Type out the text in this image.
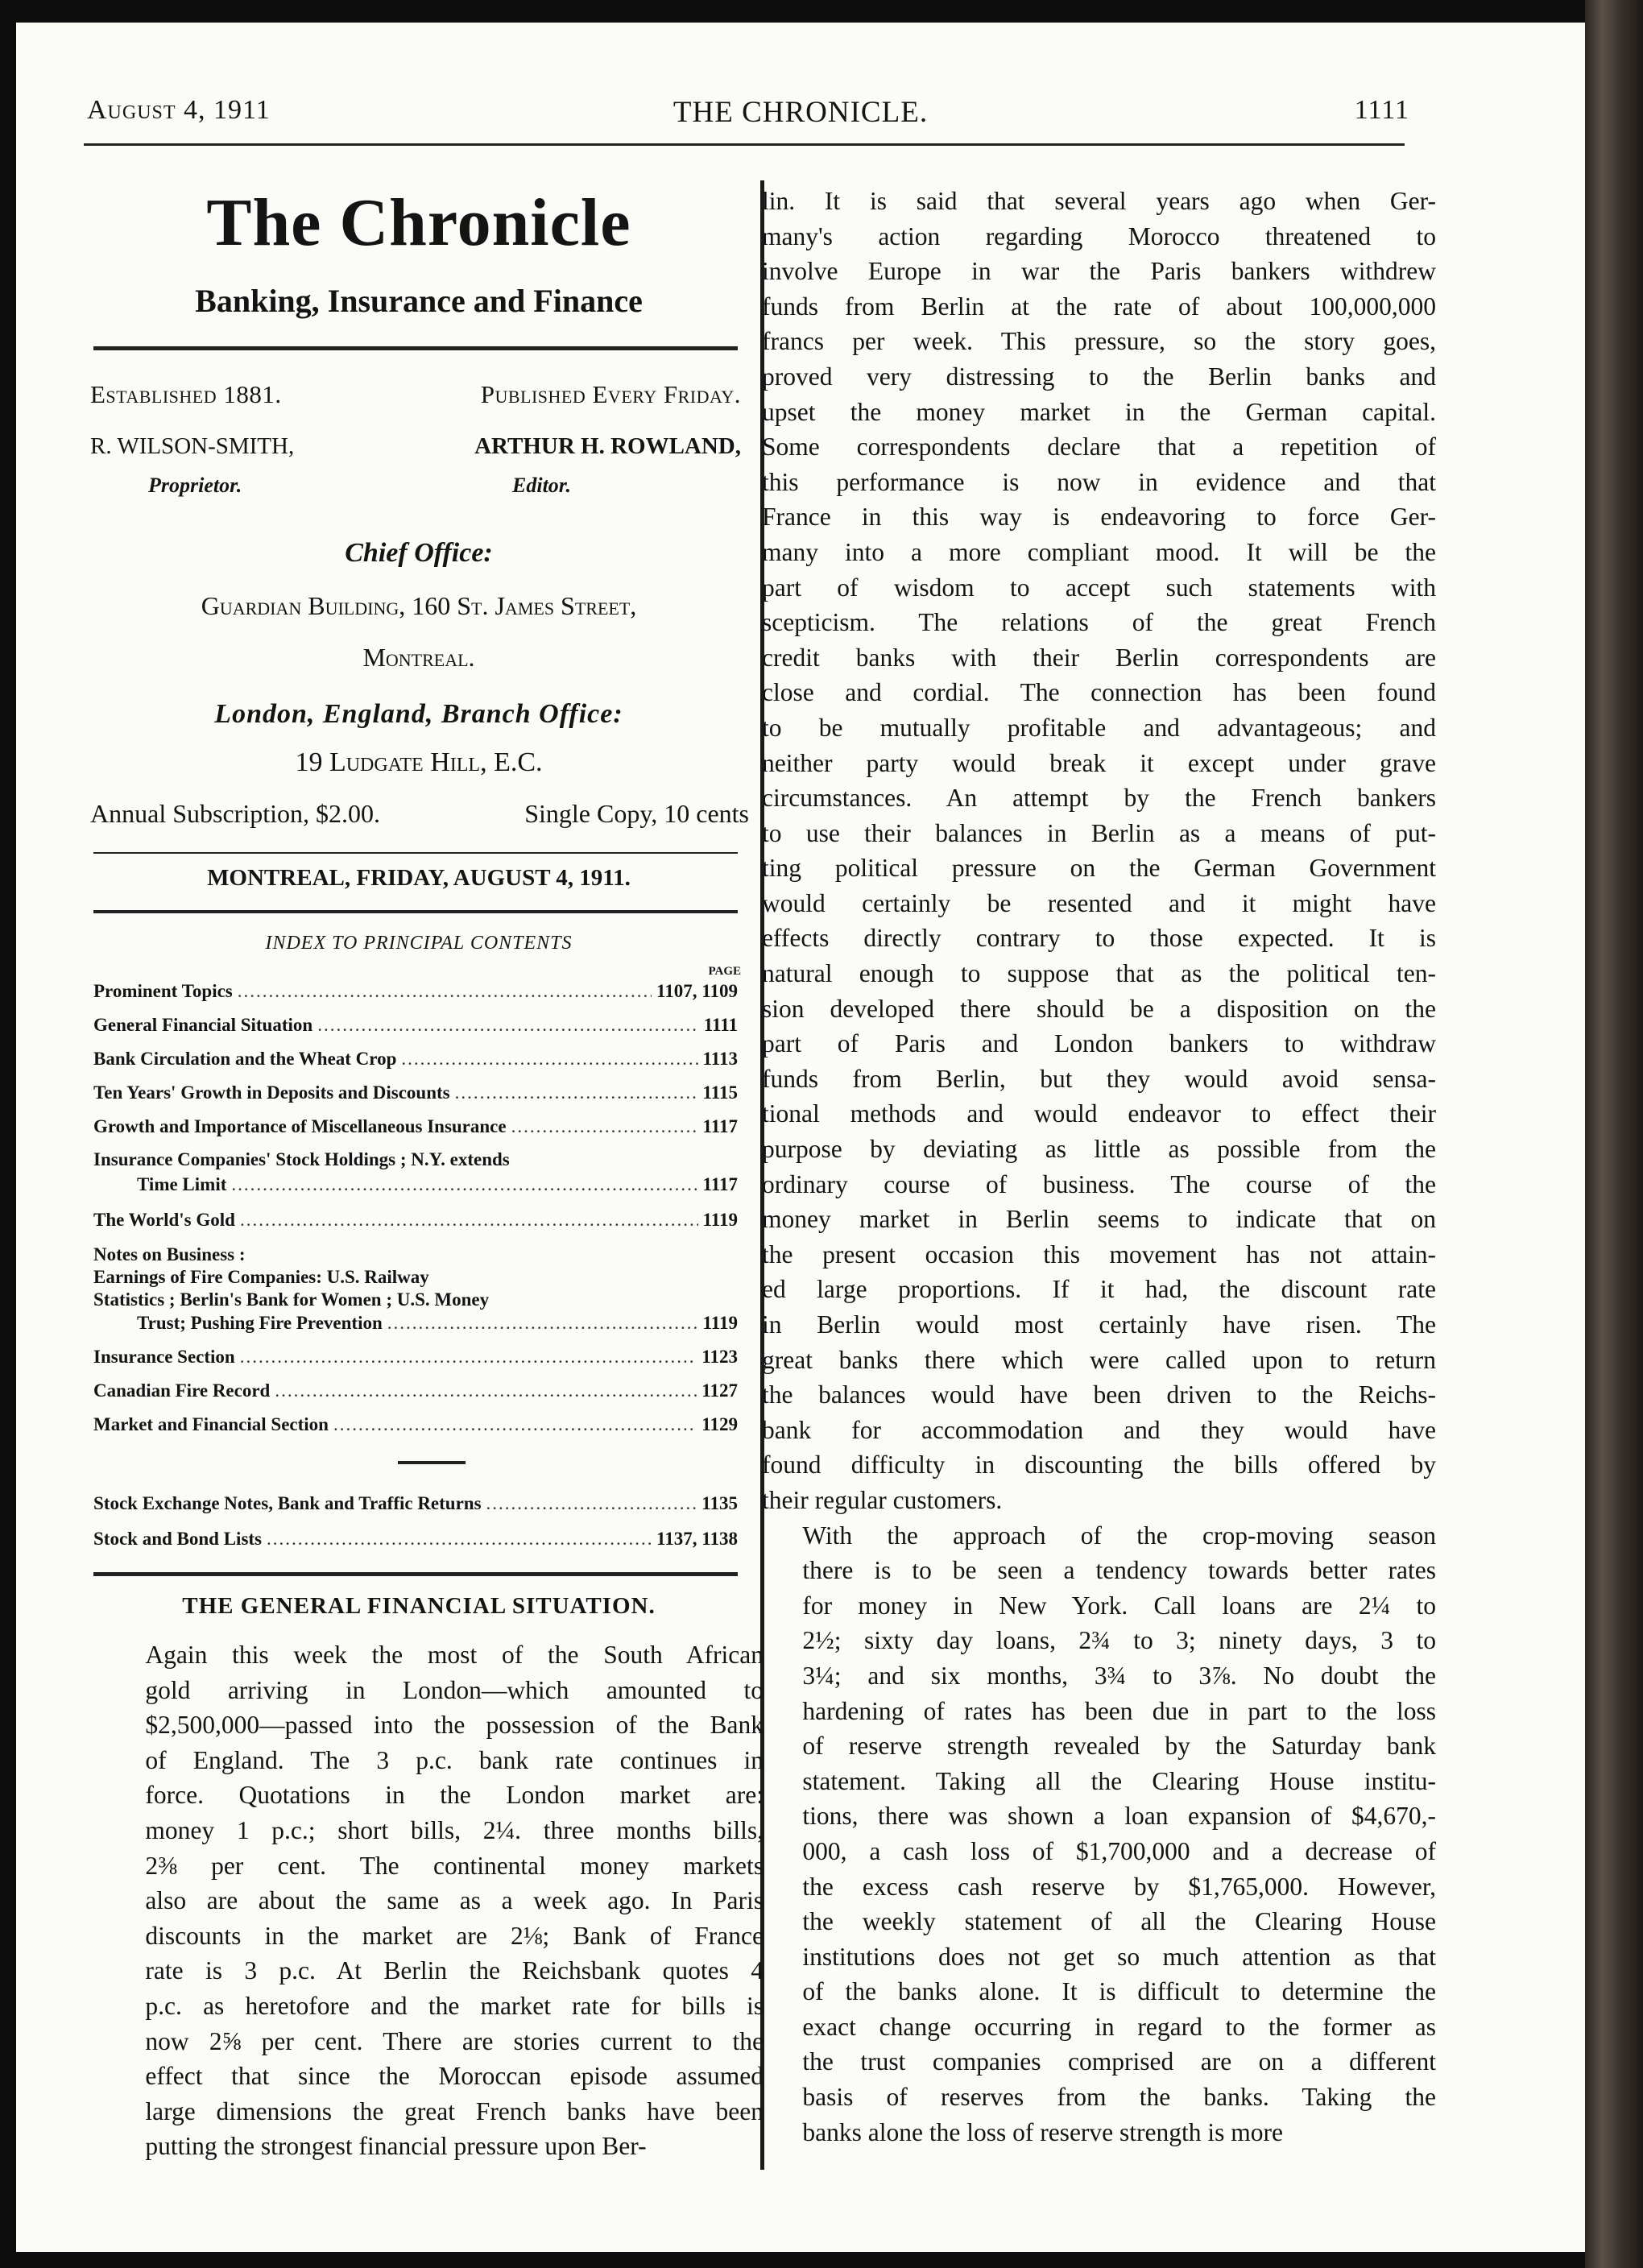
August 4, 1911	THE CHRONICLE.	1111
The Chronicle
Banking, Insurance and Finance
Established 1881.	Published Every Friday.
R. WILSON-SMITH,	ARTHUR H. ROWLAND,
Proprietor.	Editor.
Chief Office:
Guardian Building, 160 St. James Street,
Montreal.
London, England, Branch Office:
19 Ludgate Hill, E.C.
Annual Subscription, $2.00.	Single Copy, 10 cents
MONTREAL, FRIDAY, AUGUST 4, 1911.
INDEX TO PRINCIPAL CONTENTS
PAGE
Prominent Topics .....	1107, 1109
General Financial Situation .....	1111
Bank Circulation and the Wheat Crop .....	1113
Ten Years' Growth in Deposits and Discounts .....	1115
Growth and Importance of Miscellaneous Insurance .....	1117
Insurance Companies' Stock Holdings ; N.Y. extends
Time Limit .....	1117
The World's Gold .....	1119
Notes on Business :
Earnings of Fire Companies: U.S. Railway
Statistics ; Berlin's Bank for Women ; U.S. Money
Trust; Pushing Fire Prevention .....	1119
Insurance Section .....	1123
Canadian Fire Record .....	1127
Market and Financial Section .....	1129
Stock Exchange Notes, Bank and Traffic Returns .....	1135
Stock and Bond Lists .....	1137, 1138
THE GENERAL FINANCIAL SITUATION.

Again this week the most of the South African
gold arriving in London—which amounted to
$2,500,000—passed into the possession of the Bank
of England. The 3 p.c. bank rate continues in
force. Quotations in the London market are:
money 1 p.c.; short bills, 2¼. three months bills,
2⅜ per cent. The continental money markets
also are about the same as a week ago. In Paris
discounts in the market are 2⅛; Bank of France
rate is 3 p.c. At Berlin the Reichsbank quotes 4
p.c. as heretofore and the market rate for bills is
now 2⅝ per cent. There are stories current to the
effect that since the Moroccan episode assumed
large dimensions the great French banks have been
putting the strongest financial pressure upon Ber-

lin. It is said that several years ago when Ger-
many's action regarding Morocco threatened to
involve Europe in war the Paris bankers withdrew
funds from Berlin at the rate of about 100,000,000
francs per week. This pressure, so the story goes,
proved very distressing to the Berlin banks and
upset the money market in the German capital.
Some correspondents declare that a repetition of
this performance is now in evidence and that
France in this way is endeavoring to force Ger-
many into a more compliant mood. It will be the
part of wisdom to accept such statements with
scepticism. The relations of the great French
credit banks with their Berlin correspondents are
close and cordial. The connection has been found
to be mutually profitable and advantageous; and
neither party would break it except under grave
circumstances. An attempt by the French bankers
to use their balances in Berlin as a means of put-
ting political pressure on the German Government
would certainly be resented and it might have
effects directly contrary to those expected. It is
natural enough to suppose that as the political ten-
sion developed there should be a disposition on the
part of Paris and London bankers to withdraw
funds from Berlin, but they would avoid sensa-
tional methods and would endeavor to effect their
purpose by deviating as little as possible from the
ordinary course of business. The course of the
money market in Berlin seems to indicate that on
the present occasion this movement has not attain-
ed large proportions. If it had, the discount rate
in Berlin would most certainly have risen. The
great banks there which were called upon to return
the balances would have been driven to the Reichs-
bank for accommodation and they would have
found difficulty in discounting the bills offered by
their regular customers.

With the approach of the crop-moving season
there is to be seen a tendency towards better rates
for money in New York. Call loans are 2¼ to
2½; sixty day loans, 2¾ to 3; ninety days, 3 to
3¼; and six months, 3¾ to 3⅞. No doubt the
hardening of rates has been due in part to the loss
of reserve strength revealed by the Saturday bank
statement. Taking all the Clearing House institu-
tions, there was shown a loan expansion of $4,670,-
000, a cash loss of $1,700,000 and a decrease of
the excess cash reserve by $1,765,000. However,
the weekly statement of all the Clearing House
institutions does not get so much attention as that
of the banks alone. It is difficult to determine the
exact change occurring in regard to the former as
the trust companies comprised are on a different
basis of reserves from the banks. Taking the
banks alone the loss of reserve strength is more
